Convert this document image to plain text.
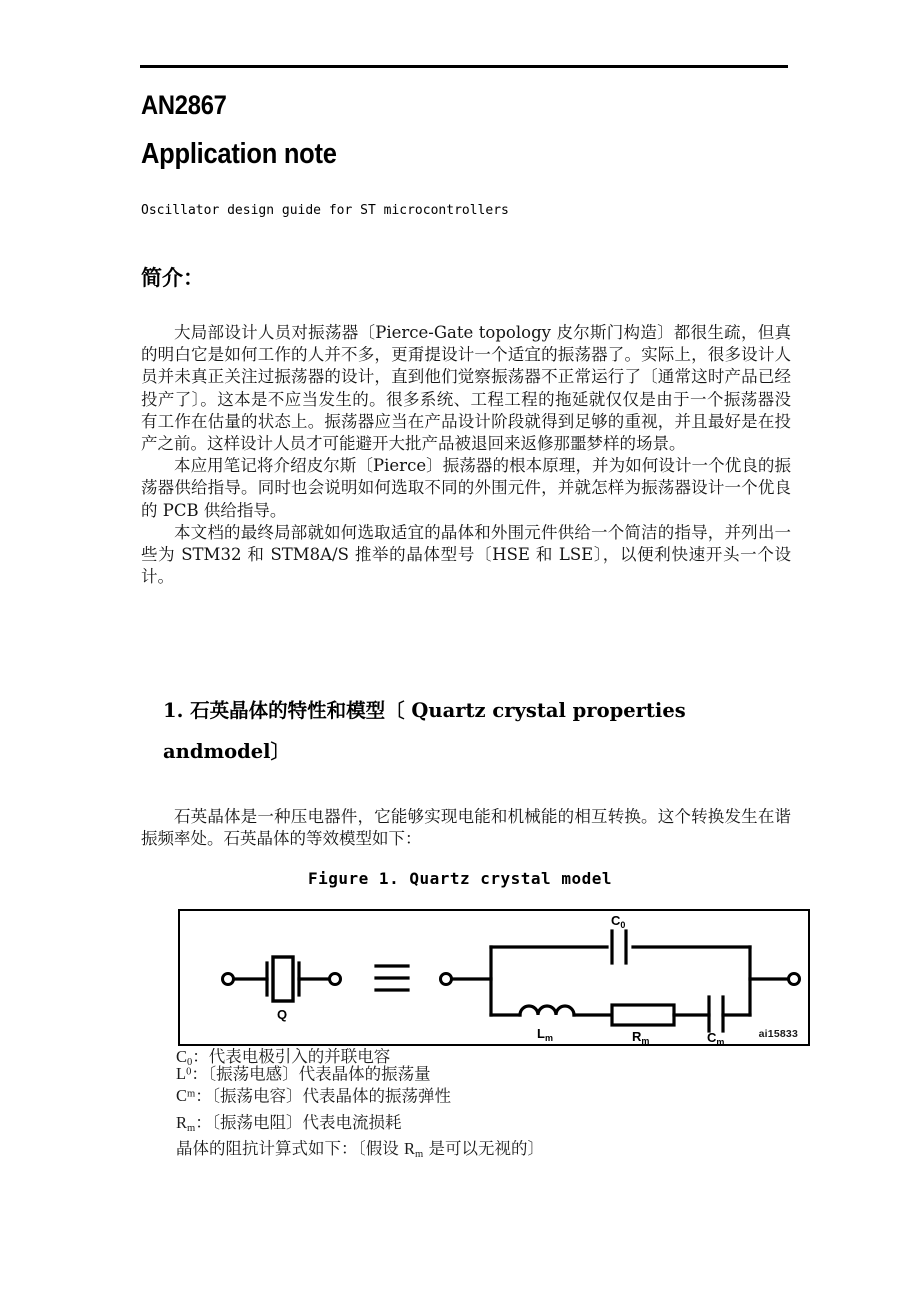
AN2867
Application note
Oscillator design guide for ST microcontrollers
简介：

大局部设计人员对振荡器〔Pierce-Gate topology 皮尔斯门构造〕都很生疏，但真的明白它是如何工作的人并不多，更甭提设计一个适宜的振荡器了。实际上，很多设计人员并未真正关注过振荡器的设计，直到他们觉察振荡器不正常运行了〔通常这时产品已经投产了〕。这本是不应当发生的。很多系统、工程工程的拖延就仅仅是由于一个振荡器没有工作在估量的状态上。振荡器应当在产品设计阶段就得到足够的重视，并且最好是在投产之前。这样设计人员才可能避开大批产品被退回来返修那噩梦样的场景。

本应用笔记将介绍皮尔斯〔Pierce〕振荡器的根本原理，并为如何设计一个优良的振荡器供给指导。同时也会说明如何选取不同的外围元件，并就怎样为振荡器设计一个优良的 PCB 供给指导。

本文档的最终局部就如何选取适宜的晶体和外围元件供给一个简洁的指导，并列出一些为 STM32 和 STM8A/S 推举的晶体型号〔HSE 和 LSE〕，以便利快速开头一个设计。

1. 石英晶体的特性和模型〔 Quartz crystal properties andmodel〕

石英晶体是一种压电器件，它能够实现电能和机械能的相互转换。这个转换发生在谐振频率处。石英晶体的等效模型如下：

Figure 1. Quartz crystal model
Q
$C_0$
$L_m$	$R_m$	$C_m$
ai15833
$C_0$：代表电极引入的并联电容
$L^0$：〔振荡电感〕代表晶体的振荡量
$C^m$：〔振荡电容〕代表晶体的振荡弹性
$R_m$：〔振荡电阻〕代表电流损耗
晶体的阻抗计算式如下：〔假设 $R_m$ 是可以无视的〕
